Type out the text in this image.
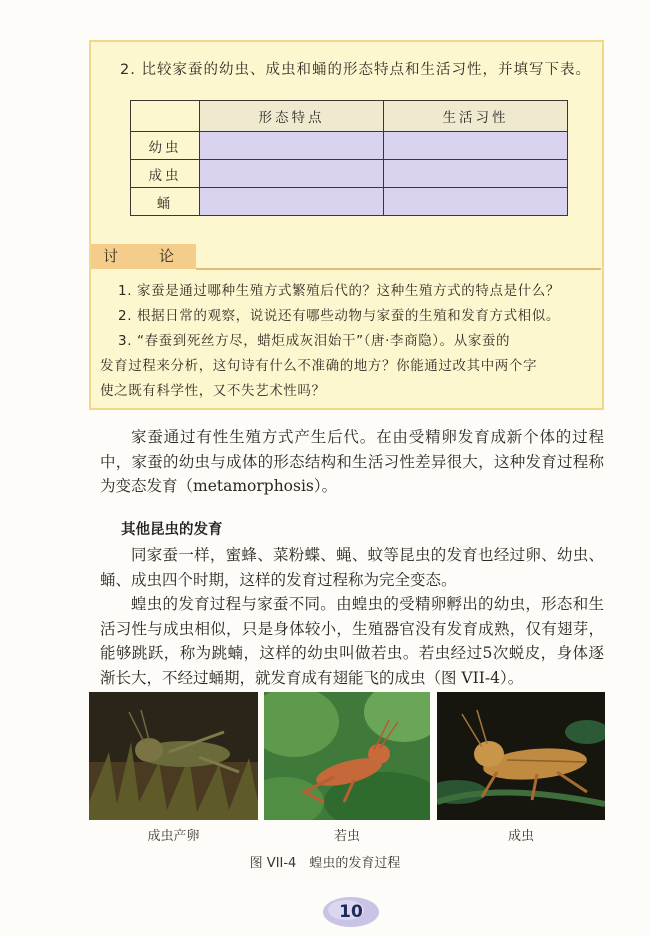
2. 比较家蚕的幼虫、成虫和蛹的形态特点和生活习性，并填写下表。
	形态特点	生活习性
幼虫		
成虫		
蛹		
讨	论
1. 家蚕是通过哪种生殖方式繁殖后代的？这种生殖方式的特点是什么？
2. 根据日常的观察，说说还有哪些动物与家蚕的生殖和发育方式相似。
3. “春蚕到死丝方尽，蜡炬成灰泪始干”（唐·李商隐）。从家蚕的
发育过程来分析，这句诗有什么不准确的地方？你能通过改其中两个字
使之既有科学性，又不失艺术性吗？
家蚕通过有性生殖方式产生后代。在由受精卵发育成新个体的过程中，家蚕的幼虫与成体的形态结构和生活习性差异很大，这种发育过程称为变态发育（metamorphosis）。
其他昆虫的发育
同家蚕一样，蜜蜂、菜粉蝶、蝇、蚊等昆虫的发育也经过卵、幼虫、蛹、成虫四个时期，这样的发育过程称为完全变态。
蝗虫的发育过程与家蚕不同。由蝗虫的受精卵孵出的幼虫，形态和生活习性与成虫相似，只是身体较小，生殖器官没有发育成熟，仅有翅芽，能够跳跃，称为跳蝻，这样的幼虫叫做若虫。若虫经过5次蜕皮，身体逐渐长大，不经过蛹期，就发育成有翅能飞的成虫（图 VII-4）。
成虫产卵	若虫	成虫
图 VII-4　蝗虫的发育过程
10
